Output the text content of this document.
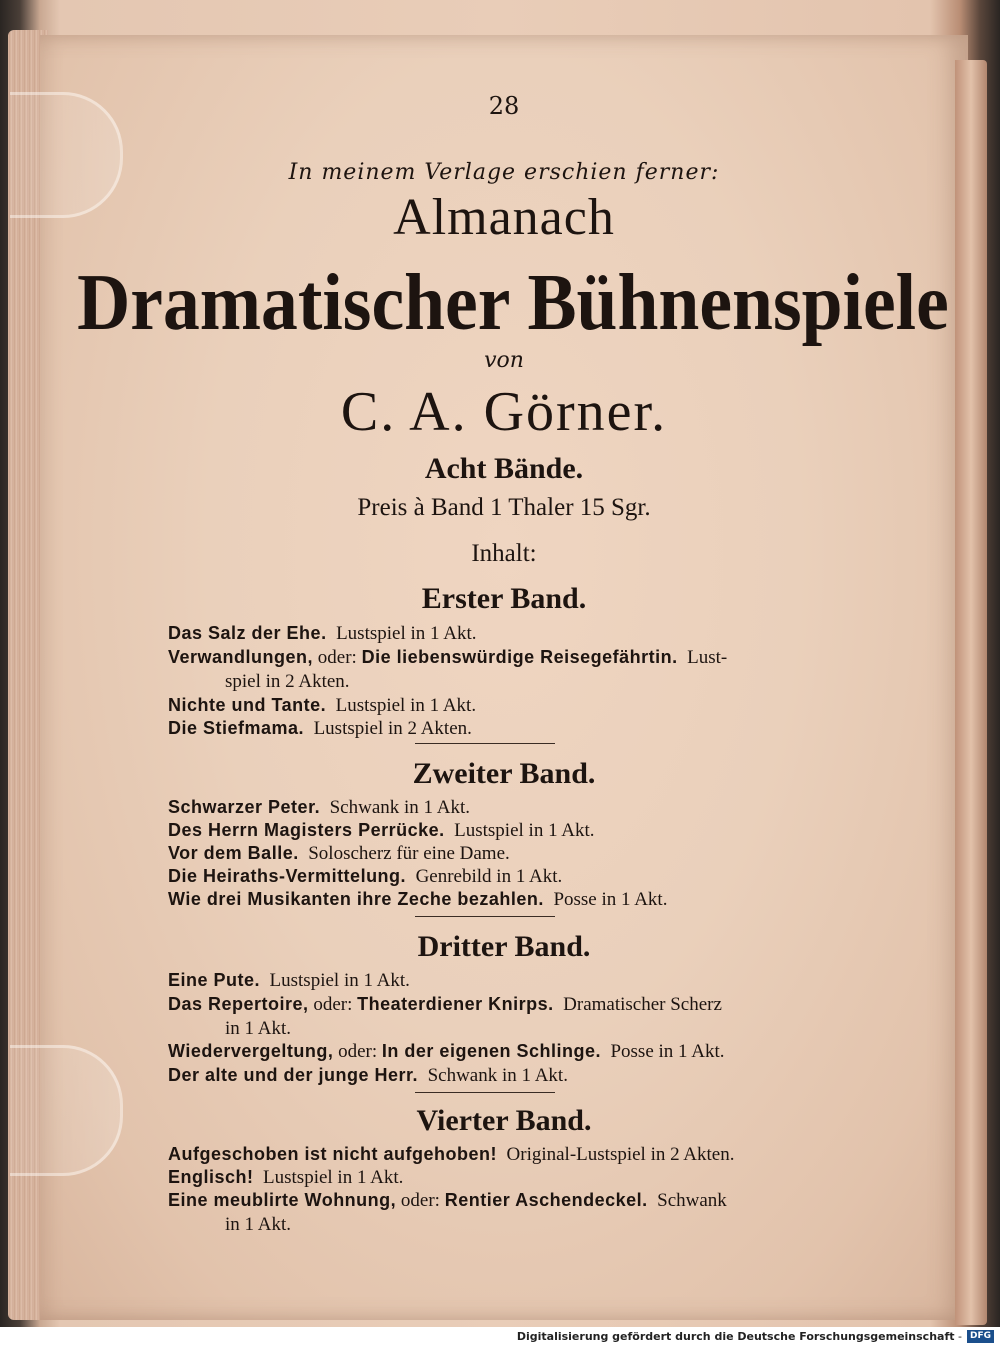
28
In meinem Verlage erschien ferner:
Almanach
Dramatischer Bühnenspiele
von
C. A. Görner.
Acht Bände.
Preis à Band 1 Thaler 15 Sgr.
Inhalt:
Erster Band.
Das Salz der Ehe. Lustspiel in 1 Akt.
Verwandlungen, oder: Die liebenswürdige Reisegefährtin. Lust-
spiel in 2 Akten.
Nichte und Tante. Lustspiel in 1 Akt.
Die Stiefmama. Lustspiel in 2 Akten.
Zweiter Band.
Schwarzer Peter. Schwank in 1 Akt.
Des Herrn Magisters Perrücke. Lustspiel in 1 Akt.
Vor dem Balle. Soloscherz für eine Dame.
Die Heiraths-Vermittelung. Genrebild in 1 Akt.
Wie drei Musikanten ihre Zeche bezahlen. Posse in 1 Akt.
Dritter Band.
Eine Pute. Lustspiel in 1 Akt.
Das Repertoire, oder: Theaterdiener Knirps. Dramatischer Scherz
in 1 Akt.
Wiedervergeltung, oder: In der eigenen Schlinge. Posse in 1 Akt.
Der alte und der junge Herr. Schwank in 1 Akt.
Vierter Band.
Aufgeschoben ist nicht aufgehoben! Original-Lustspiel in 2 Akten.
Englisch! Lustspiel in 1 Akt.
Eine meublirte Wohnung, oder: Rentier Aschendeckel. Schwank
in 1 Akt.
Digitalisierung gefördert durch die Deutsche Forschungsgemeinschaft - DFG
